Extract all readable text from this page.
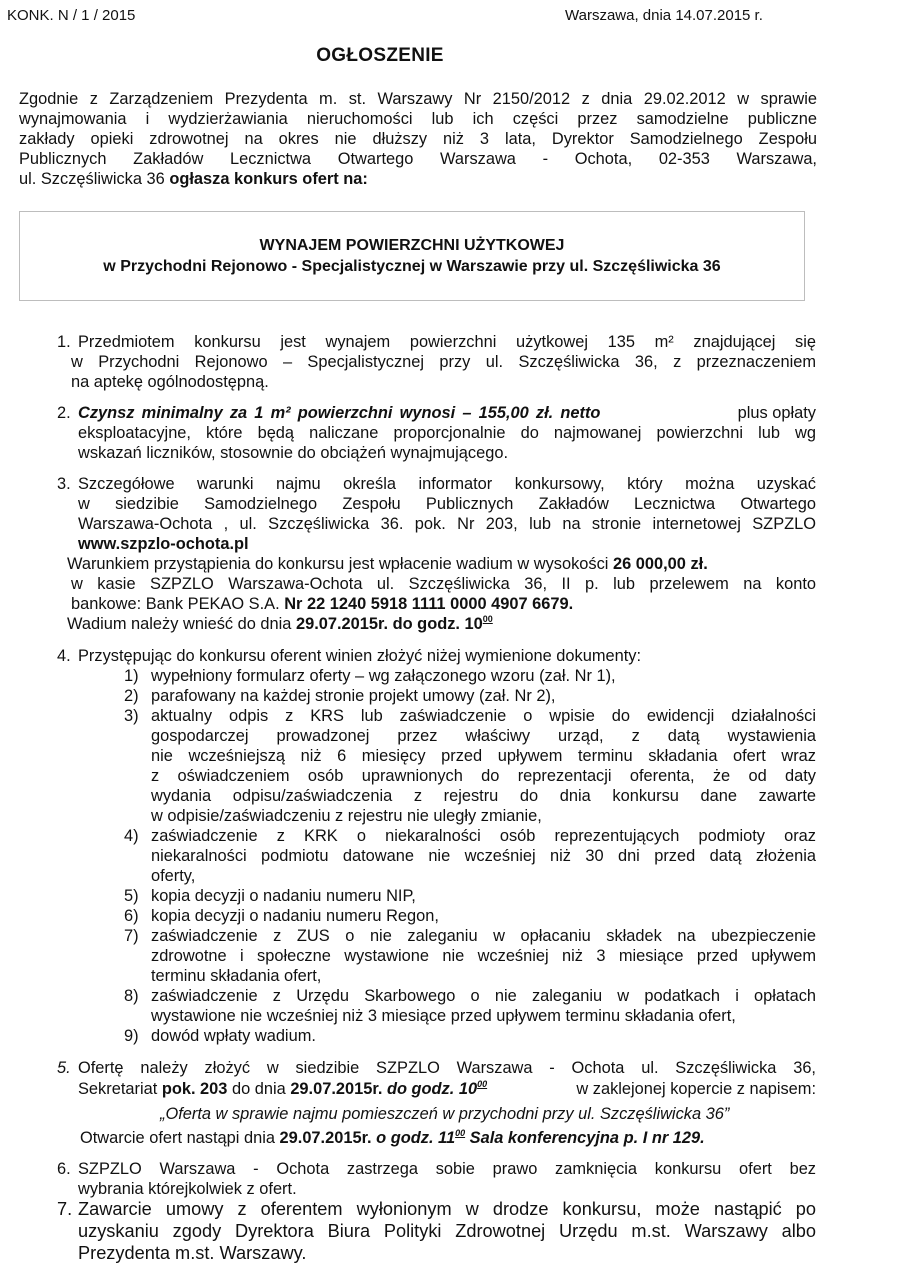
KONK. N / 1 / 2015	Warszawa, dnia 14.07.2015 r.
OGŁOSZENIE
Zgodnie z Zarządzeniem Prezydenta m. st. Warszawy Nr 2150/2012 z dnia 29.02.2012 w sprawie
wynajmowania i wydzierżawiania nieruchomości lub ich części przez samodzielne publiczne
zakłady opieki zdrowotnej na okres nie dłuższy niż 3 lata, Dyrektor Samodzielnego Zespołu
Publicznych Zakładów Lecznictwa Otwartego Warszawa - Ochota, 02-353 Warszawa,
ul. Szczęśliwicka 36 ogłasza konkurs ofert na:
WYNAJEM POWIERZCHNI UŻYTKOWEJ
w Przychodni Rejonowo - Specjalistycznej w Warszawie przy ul. Szczęśliwicka 36
1. Przedmiotem konkursu jest wynajem powierzchni użytkowej 135 m² znajdującej się
w Przychodni Rejonowo – Specjalistycznej przy ul. Szczęśliwicka 36, z przeznaczeniem
na aptekę ogólnodostępną.
2. Czynsz minimalny za 1 m² powierzchni wynosi – 155,00 zł. netto	plus opłaty
eksploatacyjne, które będą naliczane proporcjonalnie do najmowanej powierzchni lub wg
wskazań liczników, stosownie do obciążeń wynajmującego.
3. Szczegółowe warunki najmu określa informator konkursowy, który można uzyskać
w siedzibie Samodzielnego Zespołu Publicznych Zakładów Lecznictwa Otwartego
Warszawa-Ochota , ul. Szczęśliwicka 36. pok. Nr 203, lub na stronie internetowej SZPZLO
www.szpzlo-ochota.pl
Warunkiem przystąpienia do konkursu jest wpłacenie wadium w wysokości 26 000,00 zł.
w kasie SZPZLO Warszawa-Ochota ul. Szczęśliwicka 36, II p. lub przelewem na konto
bankowe: Bank PEKAO S.A. Nr 22 1240 5918 1111 0000 4907 6679.
Wadium należy wnieść do dnia 29.07.2015r. do godz. $10^{00}$
4. Przystępując do konkursu oferent winien złożyć niżej wymienione dokumenty:
1) wypełniony formularz oferty – wg załączonego wzoru (zał. Nr 1),
2) parafowany na każdej stronie projekt umowy (zał. Nr 2),
3) aktualny odpis z KRS lub zaświadczenie o wpisie do ewidencji działalności
gospodarczej prowadzonej przez właściwy urząd, z datą wystawienia
nie wcześniejszą niż 6 miesięcy przed upływem terminu składania ofert wraz
z oświadczeniem osób uprawnionych do reprezentacji oferenta, że od daty
wydania odpisu/zaświadczenia z rejestru do dnia konkursu dane zawarte
w odpisie/zaświadczeniu z rejestru nie uległy zmianie,
4) zaświadczenie z KRK o niekaralności osób reprezentujących podmioty oraz
niekaralności podmiotu datowane nie wcześniej niż 30 dni przed datą złożenia
oferty,
5) kopia decyzji o nadaniu numeru NIP,
6) kopia decyzji o nadaniu numeru Regon,
7) zaświadczenie z ZUS o nie zaleganiu w opłacaniu składek na ubezpieczenie
zdrowotne i społeczne wystawione nie wcześniej niż 3 miesiące przed upływem
terminu składania ofert,
8) zaświadczenie z Urzędu Skarbowego o nie zaleganiu w podatkach i opłatach
wystawione nie wcześniej niż 3 miesiące przed upływem terminu składania ofert,
9) dowód wpłaty wadium.
5. Ofertę należy złożyć w siedzibie SZPZLO Warszawa - Ochota ul. Szczęśliwicka 36,
Sekretariat pok. 203 do dnia 29.07.2015r. do godz. $10^{00}$	w zaklejonej kopercie z napisem:
„Oferta w sprawie najmu pomieszczeń w przychodni przy ul. Szczęśliwicka 36”
Otwarcie ofert nastąpi dnia 29.07.2015r. o godz. $11^{00}$ Sala konferencyjna p. I nr 129.
6. SZPZLO Warszawa - Ochota zastrzega sobie prawo zamknięcia konkursu ofert bez
wybrania którejkolwiek z ofert.
7. Zawarcie umowy z oferentem wyłonionym w drodze konkursu, może nastąpić po
uzyskaniu zgody Dyrektora Biura Polityki Zdrowotnej Urzędu m.st. Warszawy albo
Prezydenta m.st. Warszawy.
